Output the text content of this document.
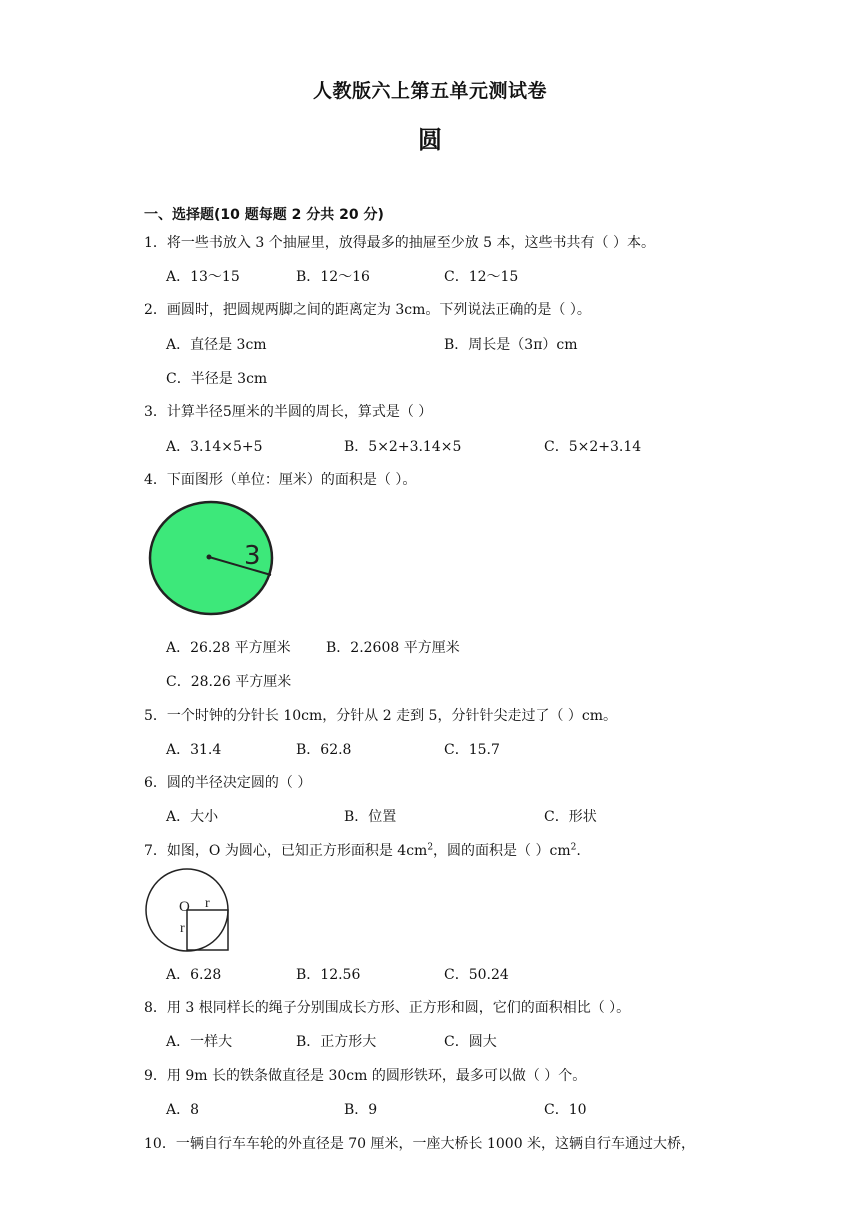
人教版六上第五单元测试卷
圆
一、选择题(10 题每题 2 分共 20 分)
1．将一些书放入 3 个抽屉里，放得最多的抽屉至少放 5 本，这些书共有（ ）本。
A．13～15	B．12～16	C．12～15
2．画圆时，把圆规两脚之间的距离定为 3cm。下列说法正确的是（ ）。
A．直径是 3cm	B．周长是（3π）cm
C．半径是 3cm
3．计算半径5厘米的半圆的周长，算式是（ ）
A．3.14×5+5	B．5×2+3.14×5	C．5×2+3.14
4．下面图形（单位：厘米）的面积是（ ）。
3
A．26.28 平方厘米	B．2.2608 平方厘米
C．28.26 平方厘米
5．一个时钟的分针长 10cm，分针从 2 走到 5，分针针尖走过了（ ）cm。
A．31.4	B．62.8	C．15.7
6．圆的半径决定圆的（ ）
A．大小	B．位置	C．形状
7．如图，O 为圆心，已知正方形面积是 $4cm^2$，圆的面积是（ ）$cm^2$.
O r
r
A．6.28	B．12.56	C．50.24
8．用 3 根同样长的绳子分别围成长方形、正方形和圆，它们的面积相比（ ）。
A．一样大	B．正方形大	C．圆大
9．用 9m 长的铁条做直径是 30cm 的圆形铁环，最多可以做（ ）个。
A．8	B．9	C．10
10．一辆自行车车轮的外直径是 70 厘米，一座大桥长 1000 米，这辆自行车通过大桥，
